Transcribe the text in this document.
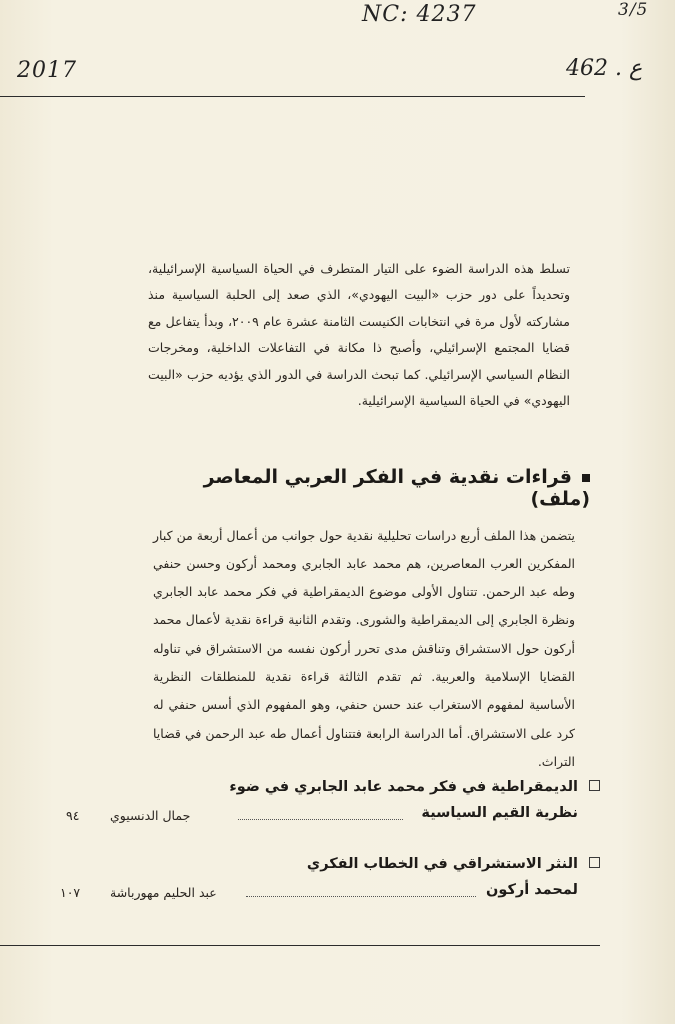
NC: 4237	3/5
2017	462 . ع

تسلط هذه الدراسة الضوء على التيار المتطرف في الحياة السياسية الإسرائيلية، وتحديداً على دور حزب «البيت اليهودي»، الذي صعد إلى الحلبة السياسية منذ مشاركته لأول مرة في انتخابات الكنيست الثامنة عشرة عام ٢٠٠٩، وبدأ يتفاعل مع قضايا المجتمع الإسرائيلي، وأصبح ذا مكانة في التفاعلات الداخلية، ومخرجات النظام السياسي الإسرائيلي. كما تبحث الدراسة في الدور الذي يؤديه حزب «البيت اليهودي» في الحياة السياسية الإسرائيلية.

قراءات نقدية في الفكر العربي المعاصر (ملف)

يتضمن هذا الملف أربع دراسات تحليلية نقدية حول جوانب من أعمال أربعة من كبار المفكرين العرب المعاصرين، هم محمد عابد الجابري ومحمد أركون وحسن حنفي وطه عبد الرحمن. تتناول الأولى موضوع الديمقراطية في فكر محمد عابد الجابري ونظرة الجابري إلى الديمقراطية والشورى. وتقدم الثانية قراءة نقدية لأعمال محمد أركون حول الاستشراق وتناقش مدى تحرر أركون نفسه من الاستشراق في تناوله القضايا الإسلامية والعربية. ثم تقدم الثالثة قراءة نقدية للمنطلقات النظرية الأساسية لمفهوم الاستغراب عند حسن حنفي، وهو المفهوم الذي أسس حنفي له كرد على الاستشراق. أما الدراسة الرابعة فتتناول أعمال طه عبد الرحمن في قضايا التراث.

الديمقراطية في فكر محمد عابد الجابري في ضوء
نظرية القيم السياسية
جمال الدنسيوي
٩٤
النثر الاستشراقي في الخطاب الفكري
لمحمد أركون
عبد الحليم مهورباشة
١٠٧
